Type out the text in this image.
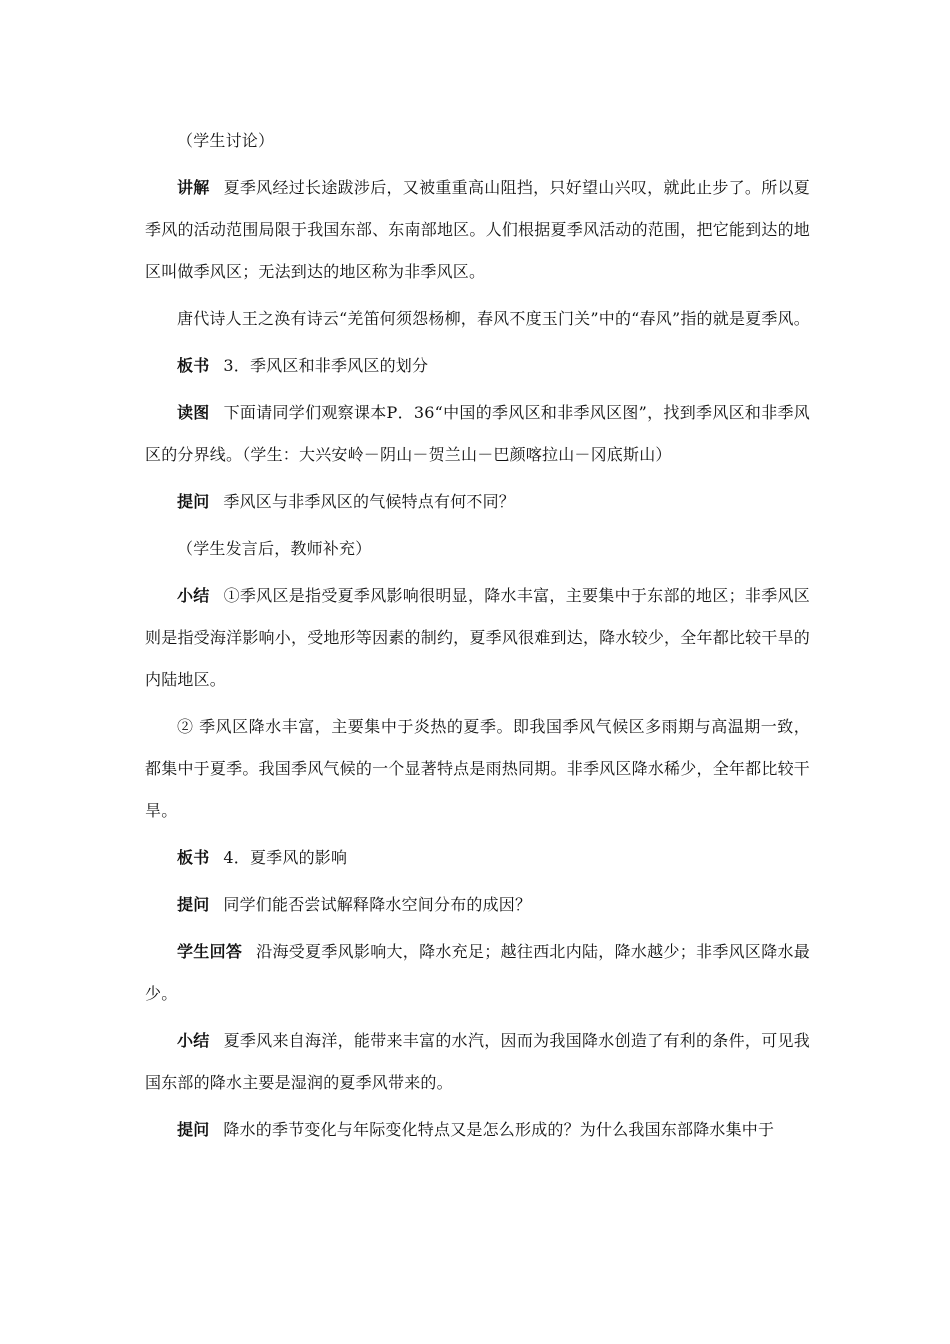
（学生讨论）

讲解 夏季风经过长途跋涉后，又被重重高山阻挡，只好望山兴叹，就此止步了。所以夏季风的活动范围局限于我国东部、东南部地区。人们根据夏季风活动的范围，把它能到达的地区叫做季风区；无法到达的地区称为非季风区。

唐代诗人王之涣有诗云“羌笛何须怨杨柳，春风不度玉门关”中的“春风”指的就是夏季风。

板书 3．季风区和非季风区的划分

读图 下面请同学们观察课本P．36“中国的季风区和非季风区图”，找到季风区和非季风区的分界线。（学生：大兴安岭－阴山－贺兰山－巴颜喀拉山－冈底斯山）

提问 季风区与非季风区的气候特点有何不同？

（学生发言后，教师补充）

小结 ①季风区是指受夏季风影响很明显，降水丰富，主要集中于东部的地区；非季风区则是指受海洋影响小，受地形等因素的制约，夏季风很难到达，降水较少，全年都比较干旱的内陆地区。

② 季风区降水丰富，主要集中于炎热的夏季。即我国季风气候区多雨期与高温期一致，都集中于夏季。我国季风气候的一个显著特点是雨热同期。非季风区降水稀少，全年都比较干旱。

板书 4．夏季风的影响

提问 同学们能否尝试解释降水空间分布的成因？

学生回答 沿海受夏季风影响大，降水充足；越往西北内陆，降水越少；非季风区降水最少。

小结 夏季风来自海洋，能带来丰富的水汽，因而为我国降水创造了有利的条件，可见我国东部的降水主要是湿润的夏季风带来的。

提问 降水的季节变化与年际变化特点又是怎么形成的？为什么我国东部降水集中于
